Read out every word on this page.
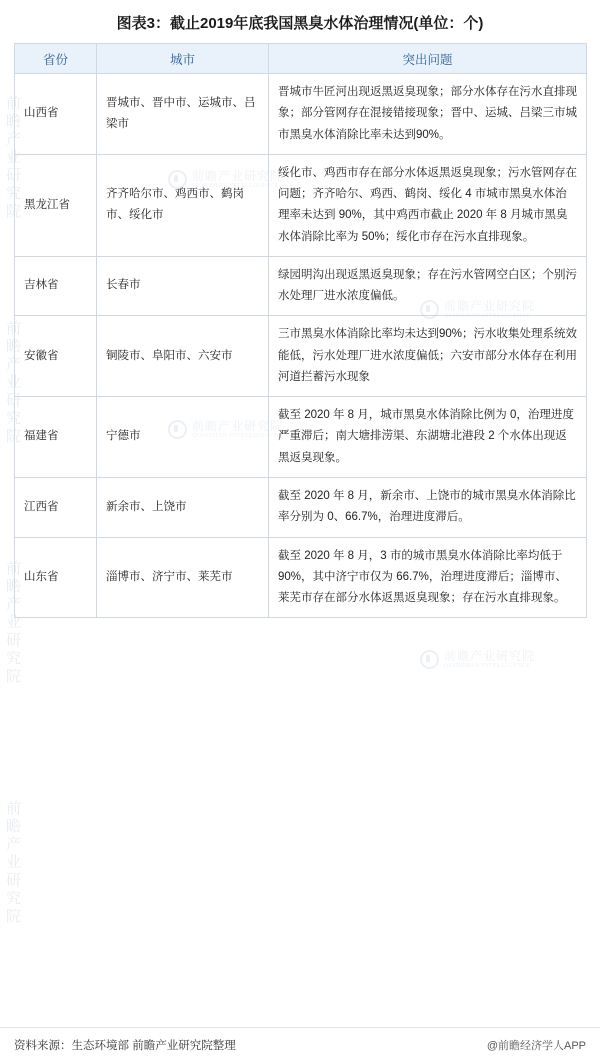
图表3：截止2019年底我国黑臭水体治理情况(单位：个)
省份	城市	突出问题
山西省	晋城市、晋中市、运城市、吕梁市	晋城市牛匠河出现返黑返臭现象；部分水体存在污水直排现象；部分管网存在混接错接现象；晋中、运城、吕梁三市城市黑臭水体消除比率未达到90%。
黑龙江省	齐齐哈尔市、鸡西市、鹤岗市、绥化市	绥化市、鸡西市存在部分水体返黑返臭现象；污水管网存在问题；齐齐哈尔、鸡西、鹤岗、绥化 4 市城市黑臭水体治理率未达到 90%，其中鸡西市截止 2020 年 8 月城市黑臭水体消除比率为 50%；绥化市存在污水直排现象。
吉林省	长春市	绿园明沟出现返黑返臭现象；存在污水管网空白区；个别污水处理厂进水浓度偏低。
安徽省	铜陵市、阜阳市、六安市	三市黑臭水体消除比率均未达到90%；污水收集处理系统效能低，污水处理厂进水浓度偏低；六安市部分水体存在利用河道拦蓄污水现象
福建省	宁德市	截至 2020 年 8 月，城市黑臭水体消除比例为 0，治理进度严重滞后；南大塘排涝渠、东湖塘北港段 2 个水体出现返黑返臭现象。
江西省	新余市、上饶市	截至 2020 年 8 月，新余市、上饶市的城市黑臭水体消除比率分别为 0、66.7%，治理进度滞后。
山东省	淄博市、济宁市、莱芜市	截至 2020 年 8 月，3 市的城市黑臭水体消除比率均低于 90%，其中济宁市仅为 66.7%，治理进度滞后；淄博市、莱芜市存在部分水体返黑返臭现象；存在污水直排现象。
前瞻产业研究院
前瞻产业研究院
前瞻产业研究院
前瞻产业研究院
前瞻产业研究院
QIANZHAN INTELLIGENCE
前瞻产业研究院
QIANZHAN INTELLIGENCE
前瞻产业研究院
QIANZHAN INTELLIGENCE
前瞻产业研究院
QIANZHAN INTELLIGENCE
资料来源：生态环境部 前瞻产业研究院整理	@前瞻经济学人APP
